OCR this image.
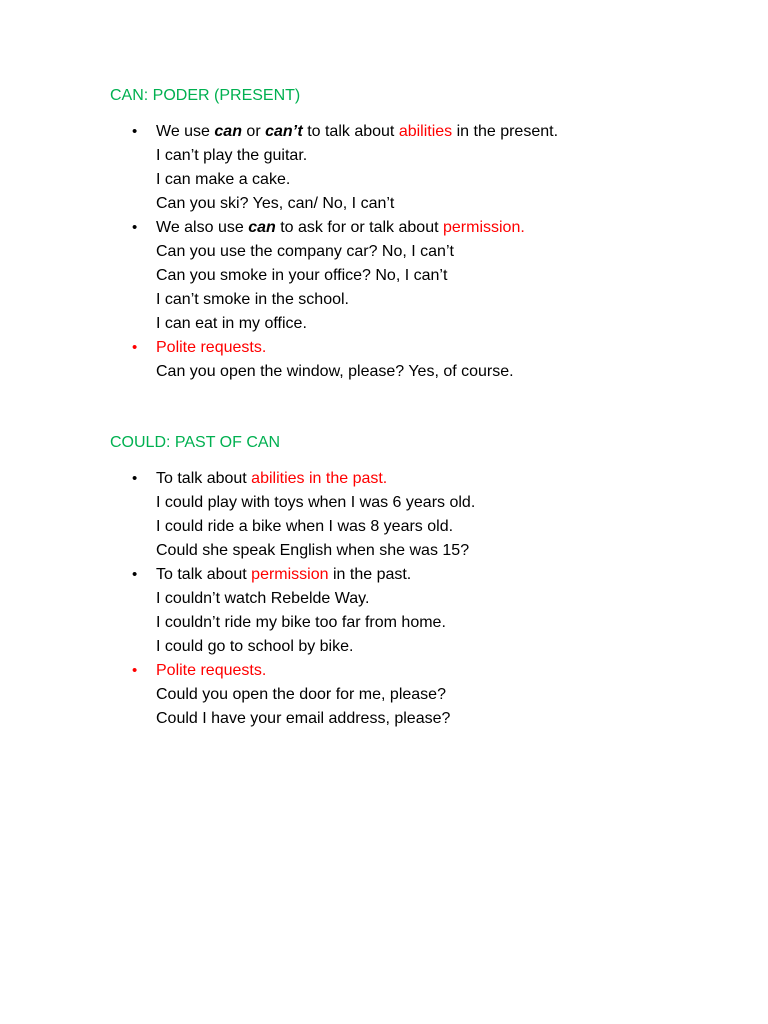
CAN: PODER (PRESENT)
•	We use can or can’t to talk about abilities in the present.
I can’t play the guitar.
I can make a cake.
Can you ski? Yes, can/ No, I can’t
•	We also use can to ask for or talk about permission.
Can you use the company car? No, I can’t
Can you smoke in your office? No, I can’t
I can’t smoke in the school.
I can eat in my office.
•	Polite requests.
Can you open the window, please? Yes, of course.
COULD: PAST OF CAN
•	To talk about abilities in the past.
I could play with toys when I was 6 years old.
I could ride a bike when I was 8 years old.
Could she speak English when she was 15?
•	To talk about permission in the past.
I couldn’t watch Rebelde Way.
I couldn’t ride my bike too far from home.
I could go to school by bike.
•	Polite requests.
Could you open the door for me, please?
Could I have your email address, please?
